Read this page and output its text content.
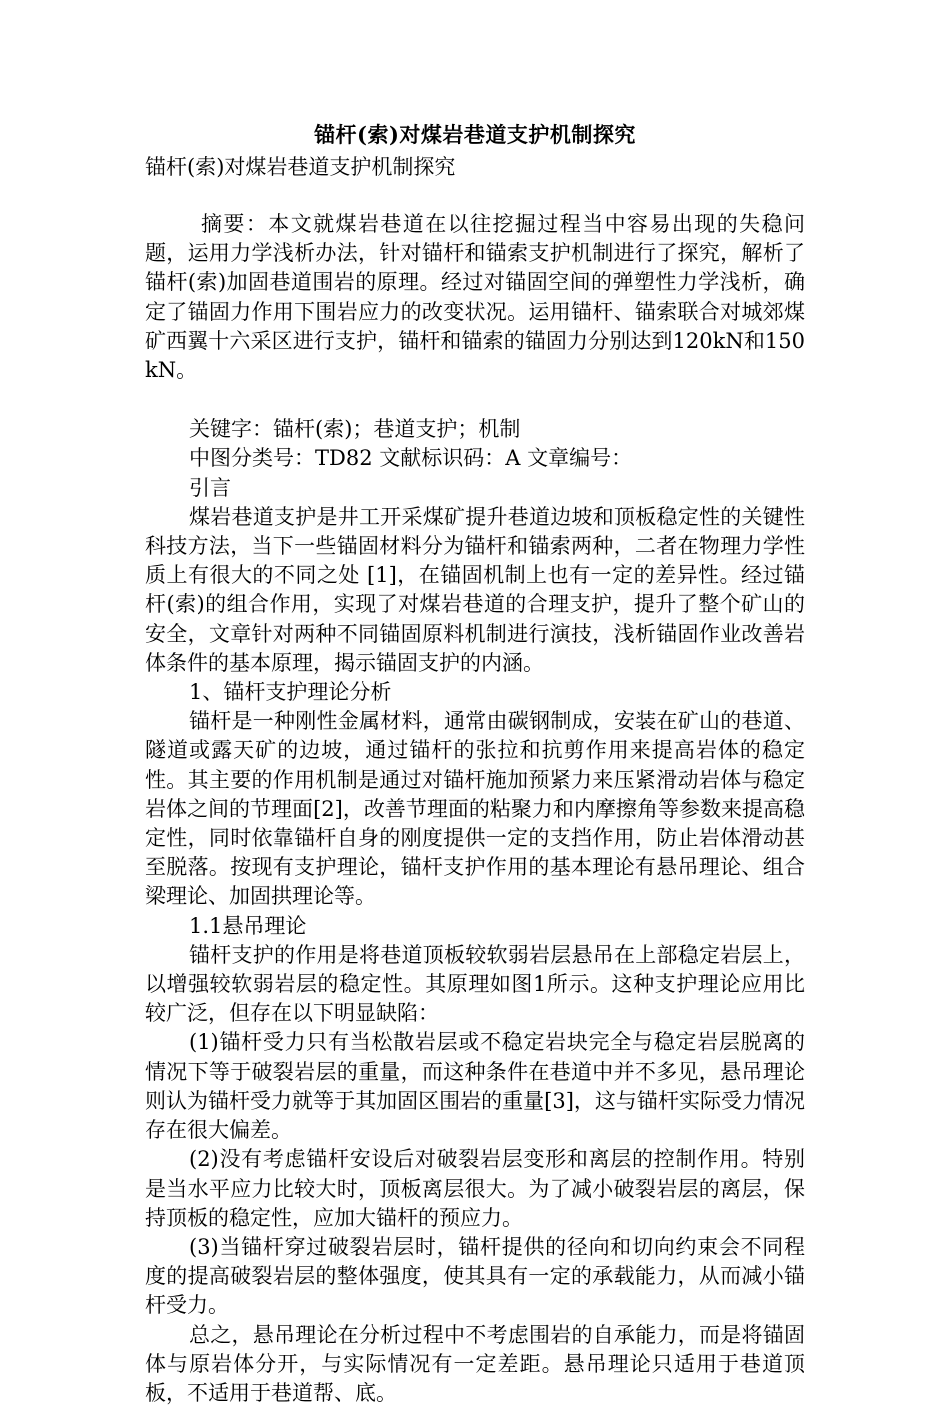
锚杆(索)对煤岩巷道支护机制探究
锚杆(索)对煤岩巷道支护机制探究

摘要：本文就煤岩巷道在以往挖掘过程当中容易出现的失稳问题，运用力学浅析办法，针对锚杆和锚索支护机制进行了探究，解析了锚杆(索)加固巷道围岩的原理。经过对锚固空间的弹塑性力学浅析，确定了锚固力作用下围岩应力的改变状况。运用锚杆、锚索联合对城郊煤矿西翼十六采区进行支护，锚杆和锚索的锚固力分别达到120kN和150kN。

关键字：锚杆(索)；巷道支护；机制

中图分类号：TD82 文献标识码：A 文章编号：

引言

煤岩巷道支护是井工开采煤矿提升巷道边坡和顶板稳定性的关键性科技方法，当下一些锚固材料分为锚杆和锚索两种，二者在物理力学性质上有很大的不同之处 [1]，在锚固机制上也有一定的差异性。经过锚杆(索)的组合作用，实现了对煤岩巷道的合理支护，提升了整个矿山的安全，文章针对两种不同锚固原料机制进行演技，浅析锚固作业改善岩体条件的基本原理，揭示锚固支护的内涵。

1、锚杆支护理论分析

锚杆是一种刚性金属材料，通常由碳钢制成，安装在矿山的巷道、隧道或露天矿的边坡，通过锚杆的张拉和抗剪作用来提高岩体的稳定性。其主要的作用机制是通过对锚杆施加预紧力来压紧滑动岩体与稳定岩体之间的节理面[2]，改善节理面的粘聚力和内摩擦角等参数来提高稳定性，同时依靠锚杆自身的刚度提供一定的支挡作用，防止岩体滑动甚至脱落。按现有支护理论，锚杆支护作用的基本理论有悬吊理论、组合梁理论、加固拱理论等。

1.1悬吊理论

锚杆支护的作用是将巷道顶板较软弱岩层悬吊在上部稳定岩层上，以增强较软弱岩层的稳定性。其原理如图1所示。这种支护理论应用比较广泛，但存在以下明显缺陷：

(1)锚杆受力只有当松散岩层或不稳定岩块完全与稳定岩层脱离的情况下等于破裂岩层的重量，而这种条件在巷道中并不多见，悬吊理论则认为锚杆受力就等于其加固区围岩的重量[3]，这与锚杆实际受力情况存在很大偏差。

(2)没有考虑锚杆安设后对破裂岩层变形和离层的控制作用。特别是当水平应力比较大时，顶板离层很大。为了减小破裂岩层的离层，保持顶板的稳定性，应加大锚杆的预应力。

(3)当锚杆穿过破裂岩层时，锚杆提供的径向和切向约束会不同程度的提高破裂岩层的整体强度，使其具有一定的承载能力，从而减小锚杆受力。

总之，悬吊理论在分析过程中不考虑围岩的自承能力，而是将锚固体与原岩体分开，与实际情况有一定差距。悬吊理论只适用于巷道顶板，不适用于巷道帮、底。
